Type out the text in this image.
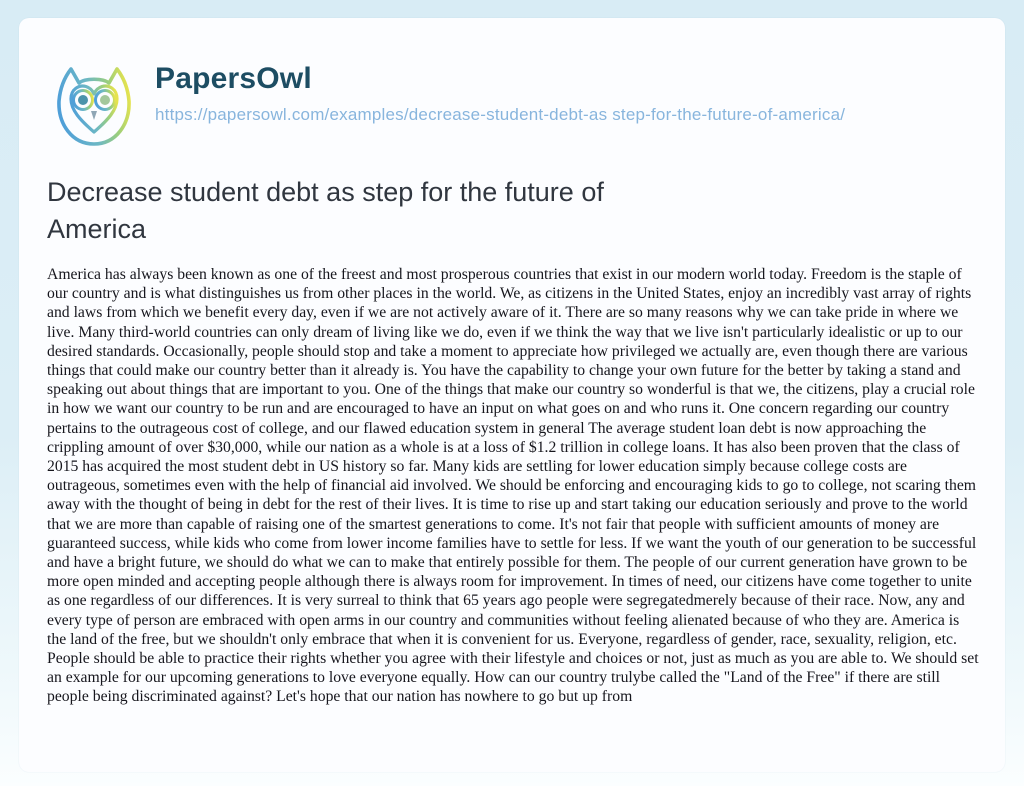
PapersOwl
https://papersowl.com/examples/decrease-student-debt-as step-for-the-future-of-america/
Decrease student debt as step for the future of America

America has always been known as one of the freest and most prosperous countries that exist in our modern world today. Freedom is the staple of our country and is what distinguishes us from other places in the world. We, as citizens in the United States, enjoy an incredibly vast array of rights and laws from which we benefit every day, even if we are not actively aware of it. There are so many reasons why we can take pride in where we live. Many third-world countries can only dream of living like we do, even if we think the way that we live isn't particularly idealistic or up to our desired standards. Occasionally, people should stop and take a moment to appreciate how privileged we actually are, even though there are various things that could make our country better than it already is. You have the capability to change your own future for the better by taking a stand and speaking out about things that are important to you. One of the things that make our country so wonderful is that we, the citizens, play a crucial role in how we want our country to be run and are encouraged to have an input on what goes on and who runs it. One concern regarding our country pertains to the outrageous cost of college, and our flawed education system in general The average student loan debt is now approaching the crippling amount of over $30,000, while our nation as a whole is at a loss of $1.2 trillion in college loans. It has also been proven that the class of 2015 has acquired the most student debt in US history so far. Many kids are settling for lower education simply because college costs are outrageous, sometimes even with the help of financial aid involved. We should be enforcing and encouraging kids to go to college, not scaring them away with the thought of being in debt for the rest of their lives. It is time to rise up and start taking our education seriously and prove to the world that we are more than capable of raising one of the smartest generations to come. It's not fair that people with sufficient amounts of money are guaranteed success, while kids who come from lower income families have to settle for less. If we want the youth of our generation to be successful and have a bright future, we should do what we can to make that entirely possible for them. The people of our current generation have grown to be more open minded and accepting people although there is always room for improvement. In times of need, our citizens have come together to unite as one regardless of our differences. It is very surreal to think that 65 years ago people were segregatedmerely because of their race. Now, any and every type of person are embraced with open arms in our country and communities without feeling alienated because of who they are. America is the land of the free, but we shouldn't only embrace that when it is convenient for us. Everyone, regardless of gender, race, sexuality, religion, etc. People should be able to practice their rights whether you agree with their lifestyle and choices or not, just as much as you are able to. We should set an example for our upcoming generations to love everyone equally. How can our country trulybe called the "Land of the Free" if there are still people being discriminated against? Let's hope that our nation has nowhere to go but up from
